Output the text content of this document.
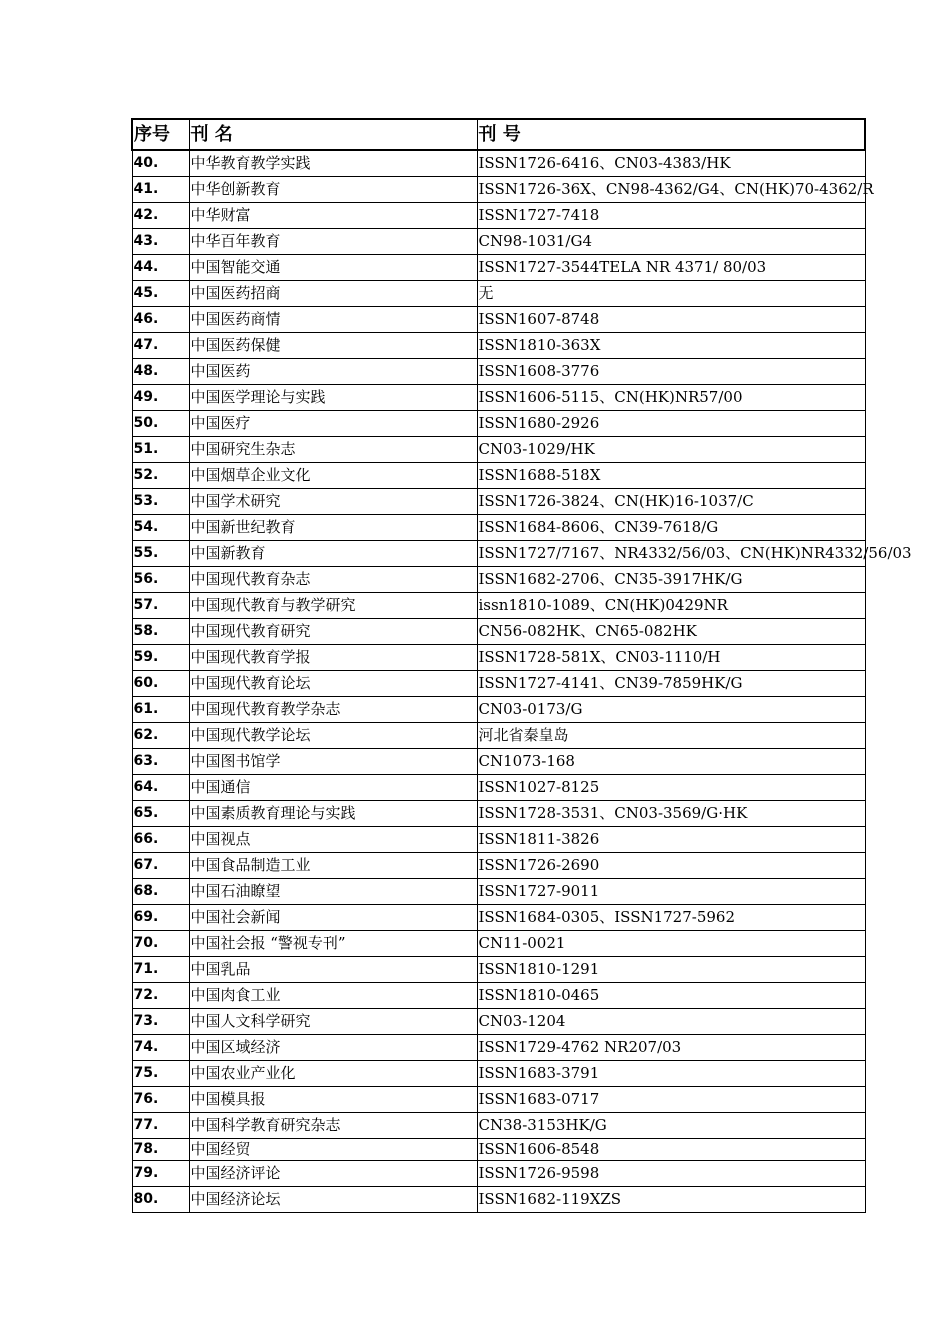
序号	刊 名	刊 号
40.	中华教育教学实践	ISSN1726-6416、CN03-4383/HK
41.	中华创新教育	ISSN1726-36X、CN98-4362/G4、CN(HK)70-4362/R
42.	中华财富	ISSN1727-7418
43.	中华百年教育	CN98-1031/G4
44.	中国智能交通	ISSN1727-3544TELA NR 4371/ 80/03
45.	中国医药招商	无
46.	中国医药商情	ISSN1607-8748
47.	中国医药保健	ISSN1810-363X
48.	中国医药	ISSN1608-3776
49.	中国医学理论与实践	ISSN1606-5115、CN(HK)NR57/00
50.	中国医疗	ISSN1680-2926
51.	中国研究生杂志	CN03-1029/HK
52.	中国烟草企业文化	ISSN1688-518X
53.	中国学术研究	ISSN1726-3824、CN(HK)16-1037/C
54.	中国新世纪教育	ISSN1684-8606、CN39-7618/G
55.	中国新教育	ISSN1727/7167、NR4332/56/03、CN(HK)NR4332/56/03
56.	中国现代教育杂志	ISSN1682-2706、CN35-3917HK/G
57.	中国现代教育与教学研究	issn1810-1089、CN(HK)0429NR
58.	中国现代教育研究	CN56-082HK、CN65-082HK
59.	中国现代教育学报	ISSN1728-581X、CN03-1110/H
60.	中国现代教育论坛	ISSN1727-4141、CN39-7859HK/G
61.	中国现代教育教学杂志	CN03-0173/G
62.	中国现代教学论坛	河北省秦皇岛
63.	中国图书馆学	CN1073-168
64.	中国通信	ISSN1027-8125
65.	中国素质教育理论与实践	ISSN1728-3531、CN03-3569/G·HK
66.	中国视点	ISSN1811-3826
67.	中国食品制造工业	ISSN1726-2690
68.	中国石油瞭望	ISSN1727-9011
69.	中国社会新闻	ISSN1684-0305、ISSN1727-5962
70.	中国社会报 “警视专刊”	CN11-0021
71.	中国乳品	ISSN1810-1291
72.	中国肉食工业	ISSN1810-0465
73.	中国人文科学研究	CN03-1204
74.	中国区域经济	ISSN1729-4762 NR207/03
75.	中国农业产业化	ISSN1683-3791
76.	中国模具报	ISSN1683-0717
77.	中国科学教育研究杂志	CN38-3153HK/G
78.	中国经贸	ISSN1606-8548
79.	中国经济评论	ISSN1726-9598
80.	中国经济论坛	ISSN1682-119XZS
